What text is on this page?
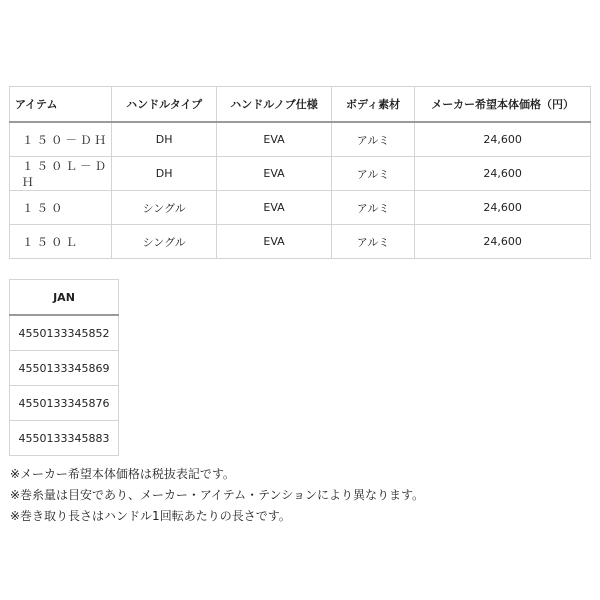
アイテム	ハンドルタイプ	ハンドルノブ仕様	ボディ素材	メーカー希望本体価格（円）
１５０－ＤＨ	DH	EVA	アルミ	24,600
１５０Ｌ－ＤＨ	DH	EVA	アルミ	24,600
１５０	シングル	EVA	アルミ	24,600
１５０Ｌ	シングル	EVA	アルミ	24,600
JAN
4550133345852
4550133345869
4550133345876
4550133345883
※メーカー希望本体価格は税抜表記です。
※巻糸量は目安であり、メーカー・アイテム・テンションにより異なります。
※巻き取り長さはハンドル1回転あたりの長さです。
